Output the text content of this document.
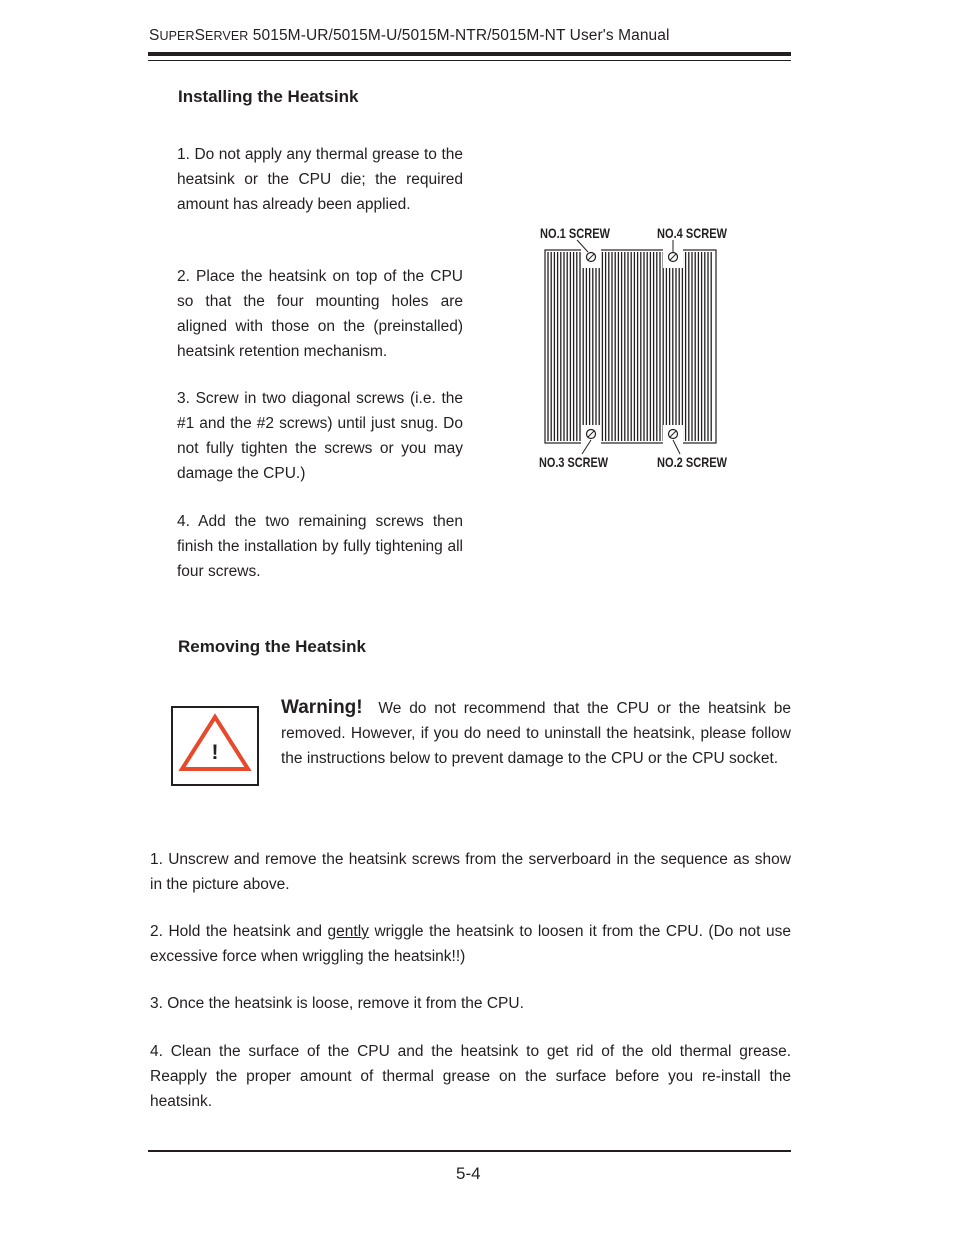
SUPERSERVER 5015M-UR/5015M-U/5015M-NTR/5015M-NT User's Manual
Installing the Heatsink
1. Do not apply any thermal grease to the heatsink or the CPU die; the required amount has already been applied.
2. Place the heatsink on top of the CPU so that the four mounting holes are aligned with those on the (preinstalled) heatsink retention mechanism.
3. Screw in two diagonal screws (i.e. the #1 and the #2 screws) until just snug. Do not fully tighten the screws or you may damage the CPU.)
4. Add the two remaining screws then finish the installation by fully tightening all four screws.
NO.1 SCREW	NO.4 SCREW
NO.3 SCREW	NO.2 SCREW
Removing the Heatsink
!
Warning! We do not recommend that the CPU or the heatsink be removed. However, if you do need to uninstall the heatsink, please follow the instructions below to prevent damage to the CPU or the CPU socket.
1. Unscrew and remove the heatsink screws from the serverboard in the sequence as show in the picture above.
2. Hold the heatsink and gently wriggle the heatsink to loosen it from the CPU. (Do not use excessive force when wriggling the heatsink!!)
3. Once the heatsink is loose, remove it from the CPU.
4. Clean the surface of the CPU and the heatsink to get rid of the old thermal grease. Reapply the proper amount of thermal grease on the surface before you re-install the heatsink.
5-4
